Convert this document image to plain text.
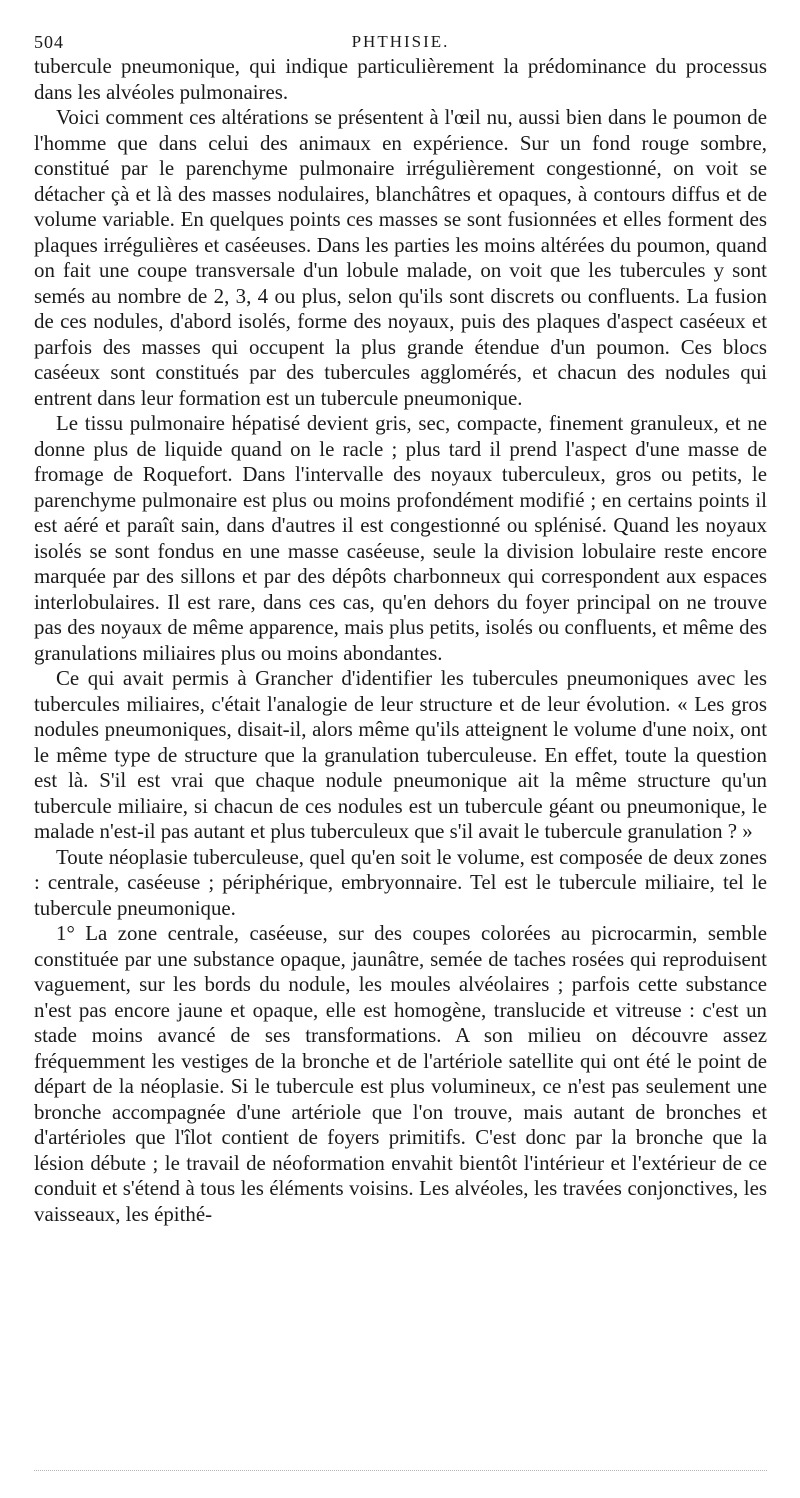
504	PHTHISIE.

tubercule pneumonique, qui indique particulièrement la prédominance du processus dans les alvéoles pulmonaires.

Voici comment ces altérations se présentent à l'œil nu, aussi bien dans le poumon de l'homme que dans celui des animaux en expérience. Sur un fond rouge sombre, constitué par le parenchyme pulmonaire irrégulièrement congestionné, on voit se détacher çà et là des masses nodulaires, blanchâtres et opaques, à contours diffus et de volume variable. En quelques points ces masses se sont fusionnées et elles forment des plaques irrégulières et caséeuses. Dans les parties les moins altérées du poumon, quand on fait une coupe transversale d'un lobule malade, on voit que les tubercules y sont semés au nombre de 2, 3, 4 ou plus, selon qu'ils sont discrets ou confluents. La fusion de ces nodules, d'abord isolés, forme des noyaux, puis des plaques d'aspect caséeux et parfois des masses qui occupent la plus grande étendue d'un poumon. Ces blocs caséeux sont constitués par des tubercules agglomérés, et chacun des nodules qui entrent dans leur formation est un tubercule pneumonique.

Le tissu pulmonaire hépatisé devient gris, sec, compacte, finement granuleux, et ne donne plus de liquide quand on le racle ; plus tard il prend l'aspect d'une masse de fromage de Roquefort. Dans l'intervalle des noyaux tuberculeux, gros ou petits, le parenchyme pulmonaire est plus ou moins profondément modifié ; en certains points il est aéré et paraît sain, dans d'autres il est congestionné ou splénisé. Quand les noyaux isolés se sont fondus en une masse caséeuse, seule la division lobulaire reste encore marquée par des sillons et par des dépôts charbonneux qui correspondent aux espaces interlobulaires. Il est rare, dans ces cas, qu'en dehors du foyer principal on ne trouve pas des noyaux de même apparence, mais plus petits, isolés ou confluents, et même des granulations miliaires plus ou moins abondantes.

Ce qui avait permis à Grancher d'identifier les tubercules pneumoniques avec les tubercules miliaires, c'était l'analogie de leur structure et de leur évolution. « Les gros nodules pneumoniques, disait-il, alors même qu'ils atteignent le volume d'une noix, ont le même type de structure que la granulation tuberculeuse. En effet, toute la question est là. S'il est vrai que chaque nodule pneumonique ait la même structure qu'un tubercule miliaire, si chacun de ces nodules est un tubercule géant ou pneumonique, le malade n'est-il pas autant et plus tuberculeux que s'il avait le tubercule granulation ? »

Toute néoplasie tuberculeuse, quel qu'en soit le volume, est composée de deux zones : centrale, caséeuse ; périphérique, embryonnaire. Tel est le tubercule miliaire, tel le tubercule pneumonique.

1° La zone centrale, caséeuse, sur des coupes colorées au picrocarmin, semble constituée par une substance opaque, jaunâtre, semée de taches rosées qui reproduisent vaguement, sur les bords du nodule, les moules alvéolaires ; parfois cette substance n'est pas encore jaune et opaque, elle est homogène, translucide et vitreuse : c'est un stade moins avancé de ses transformations. A son milieu on découvre assez fréquemment les vestiges de la bronche et de l'artériole satellite qui ont été le point de départ de la néoplasie. Si le tubercule est plus volumineux, ce n'est pas seulement une bronche accompagnée d'une artériole que l'on trouve, mais autant de bronches et d'artérioles que l'îlot contient de foyers primitifs. C'est donc par la bronche que la lésion débute ; le travail de néoformation envahit bientôt l'intérieur et l'extérieur de ce conduit et s'étend à tous les éléments voisins. Les alvéoles, les travées conjonctives, les vaisseaux, les épithé-
